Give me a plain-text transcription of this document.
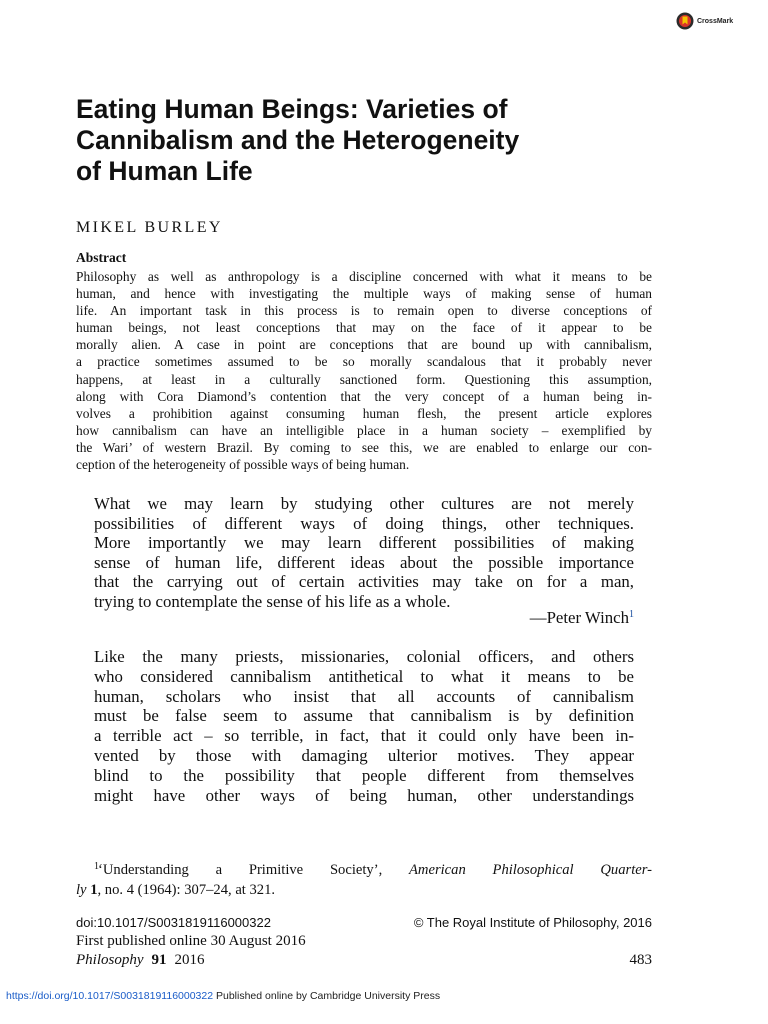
CrossMark
Eating Human Beings: Varieties of
Cannibalism and the Heterogeneity
of Human Life
MIKEL BURLEY
Abstract
Philosophy as well as anthropology is a discipline concerned with what it means to be
human, and hence with investigating the multiple ways of making sense of human
life. An important task in this process is to remain open to diverse conceptions of
human beings, not least conceptions that may on the face of it appear to be
morally alien. A case in point are conceptions that are bound up with cannibalism,
a practice sometimes assumed to be so morally scandalous that it probably never
happens, at least in a culturally sanctioned form. Questioning this assumption,
along with Cora Diamond’s contention that the very concept of a human being in-
volves a prohibition against consuming human flesh, the present article explores
how cannibalism can have an intelligible place in a human society – exemplified by
the Wari’ of western Brazil. By coming to see this, we are enabled to enlarge our con-
ception of the heterogeneity of possible ways of being human.
What we may learn by studying other cultures are not merely
possibilities of different ways of doing things, other techniques.
More importantly we may learn different possibilities of making
sense of human life, different ideas about the possible importance
that the carrying out of certain activities may take on for a man,
trying to contemplate the sense of his life as a whole.
—Peter Winch$^1$
Like the many priests, missionaries, colonial officers, and others
who considered cannibalism antithetical to what it means to be
human, scholars who insist that all accounts of cannibalism
must be false seem to assume that cannibalism is by definition
a terrible act – so terrible, in fact, that it could only have been in-
vented by those with damaging ulterior motives. They appear
blind to the possibility that people different from themselves
might have other ways of being human, other understandings
1‘Understanding a Primitive Society’, American Philosophical Quarter-
ly 1, no. 4 (1964): 307–24, at 321.
doi:10.1017/S0031819116000322	© The Royal Institute of Philosophy, 2016
First published online 30 August 2016
Philosophy 91 2016	483
https://doi.org/10.1017/S0031819116000322 Published online by Cambridge University Press
